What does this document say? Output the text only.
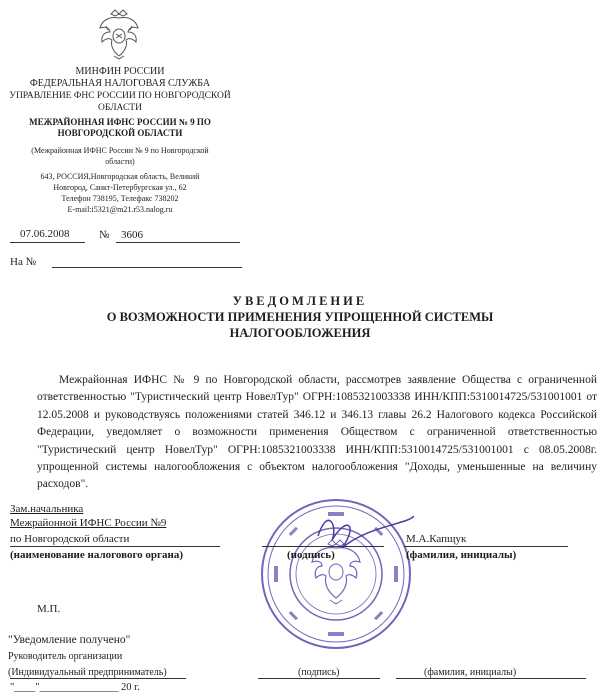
МИНФИН РОССИИ
ФЕДЕРАЛЬНАЯ НАЛОГОВАЯ СЛУЖБА
УПРАВЛЕНИЕ ФНС РОССИИ ПО НОВГОРОДСКОЙ
ОБЛАСТИ
МЕЖРАЙОННАЯ ИФНС РОССИИ № 9 ПО
НОВГОРОДСКОЙ ОБЛАСТИ
(Межрайонная ИФНС России № 9 по Новгородской
области)
643, РОССИЯ,Новгородская область, Великий
Новгород, Санкт-Петербургская ул., 62
Телефон 738195, Телефакс 738202
E-mail:i5321@m21.r53.nalog.ru
07.06.2008	№ 3606
На №
УВЕДОМЛЕНИЕ
О ВОЗМОЖНОСТИ ПРИМЕНЕНИЯ УПРОЩЕННОЙ СИСТЕМЫ
НАЛОГООБЛОЖЕНИЯ
Межрайонная ИФНС № 9 по Новгородской области, рассмотрев заявление Общества с ограниченной ответственностью "Туристический центр НовелТур" ОГРН:1085321003338 ИНН/КПП:5310014725/531001001 от 12.05.2008 и руководствуясь положениями статей 346.12 и 346.13 главы 26.2 Налогового кодекса Российской Федерации, уведомляет о возможности применения Обществом с ограниченной ответственностью "Туристический центр НовелТур" ОГРН:1085321003338 ИНН/КПП:5310014725/531001001 с 08.05.2008г. упрощенной системы налогообложения с объектом налогообложения "Доходы, уменьшенные на величину расходов".
Зам.начальника
Межрайонной ИФНС России №9
по Новгородской области
(наименование налогового органа)	(подпись)
М.А.Капщук
(фамилия, инициалы)
М.П.
"Уведомление получено"
Руководитель организации
(Индивидуальный предприниматель)	(подпись)	(фамилия, инициалы)
"____"_______________ 20 г.
